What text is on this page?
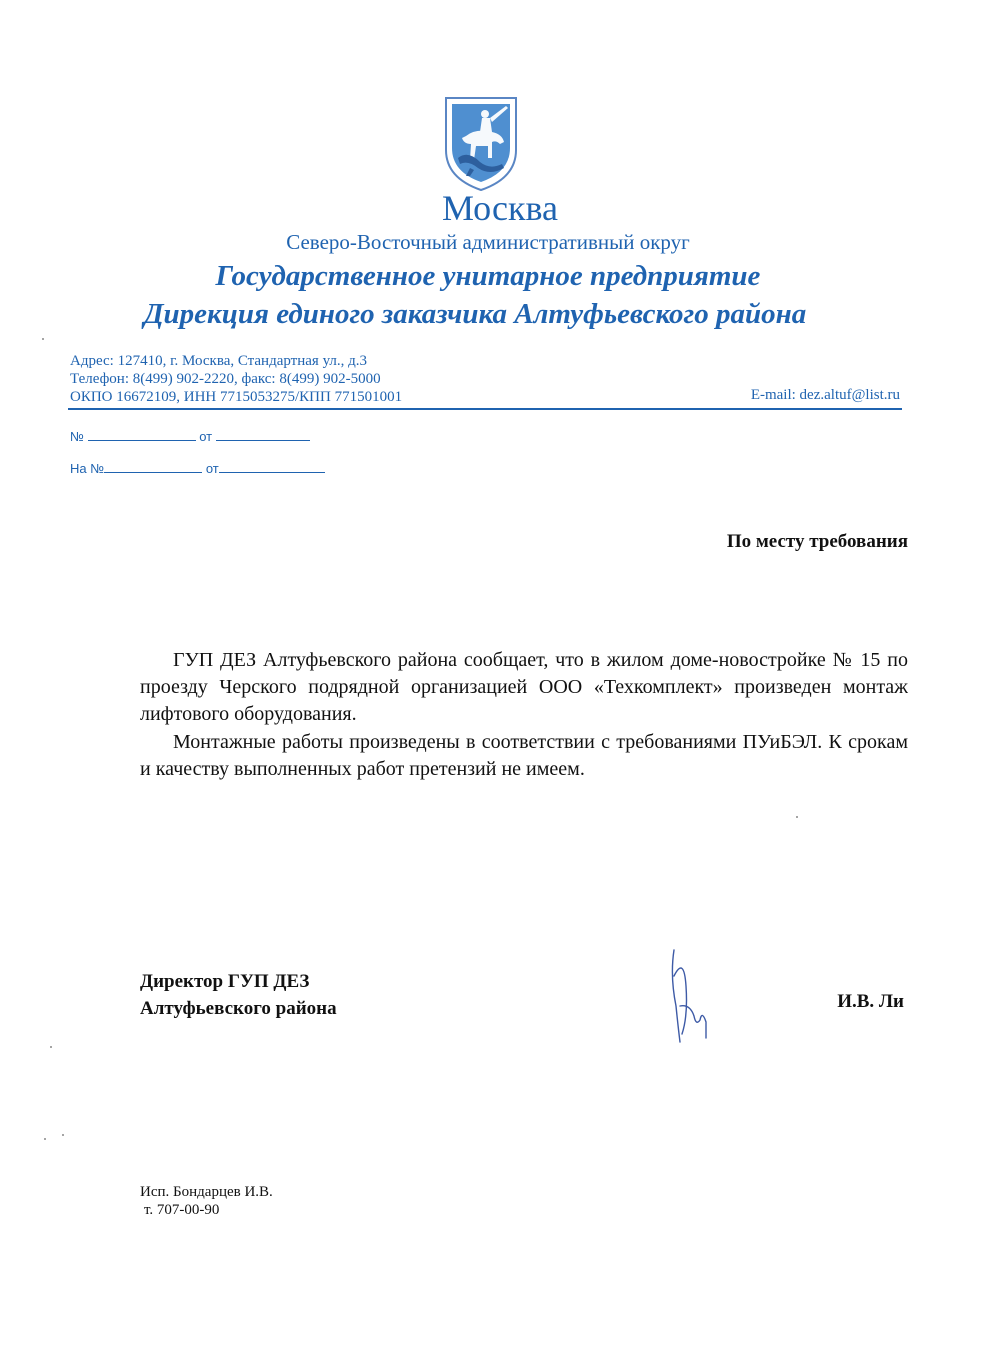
Москва
Северо-Восточный административный округ
Государственное унитарное предприятие
Дирекция единого заказчика Алтуфьевского района
Адрес: 127410, г. Москва, Стандартная ул., д.3
Телефон: 8(499) 902-2220, факс: 8(499) 902-5000
ОКПО 16672109, ИНН 7715053275/КПП 771501001	E-mail: dez.altuf@list.ru
№	от
На №	от
По месту требования
ГУП ДЕЗ Алтуфьевского района сообщает, что в жилом доме-новостройке № 15 по проезду Черского подрядной организацией ООО «Техкомплект» произведен монтаж лифтового оборудования.
Монтажные работы произведены в соответствии с требованиями ПУиБЭЛ. К срокам и качеству выполненных работ претензий не имеем.
Директор ГУП ДЕЗ
Алтуфьевского района	И.В. Ли
Исп. Бондарцев И.В.
т. 707-00-90
